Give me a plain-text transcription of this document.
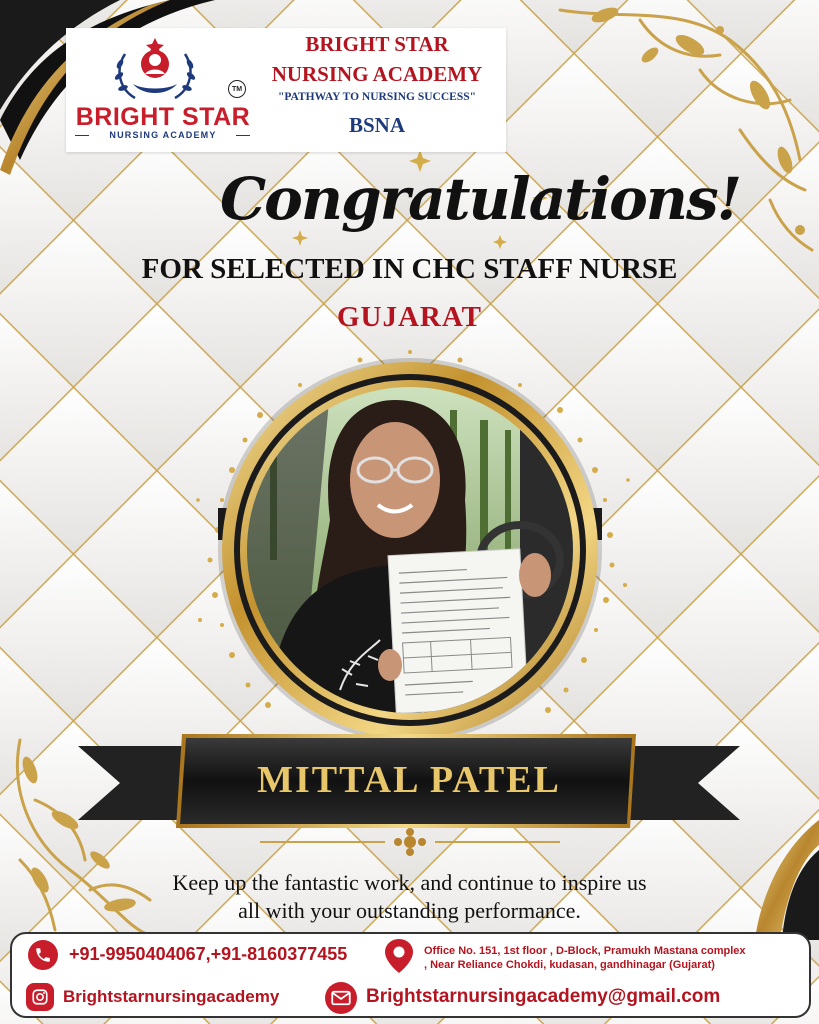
TM
BRIGHT STAR
NURSING ACADEMY
BRIGHT STAR
NURSING ACADEMY
"PATHWAY TO NURSING SUCCESS"
BSNA
Congratulations!
FOR SELECTED IN CHC STAFF NURSE
GUJARAT
MITTAL PATEL
Keep up the fantastic work, and continue to inspire us
all with your outstanding performance.
+91-9950404067,+91-8160377455	Office No. 151, 1st floor , D-Block, Pramukh Mastana complex
, Near Reliance Chokdi, kudasan, gandhinagar (Gujarat)
Brightstarnursingacademy	Brightstarnursingacademy@gmail.com
